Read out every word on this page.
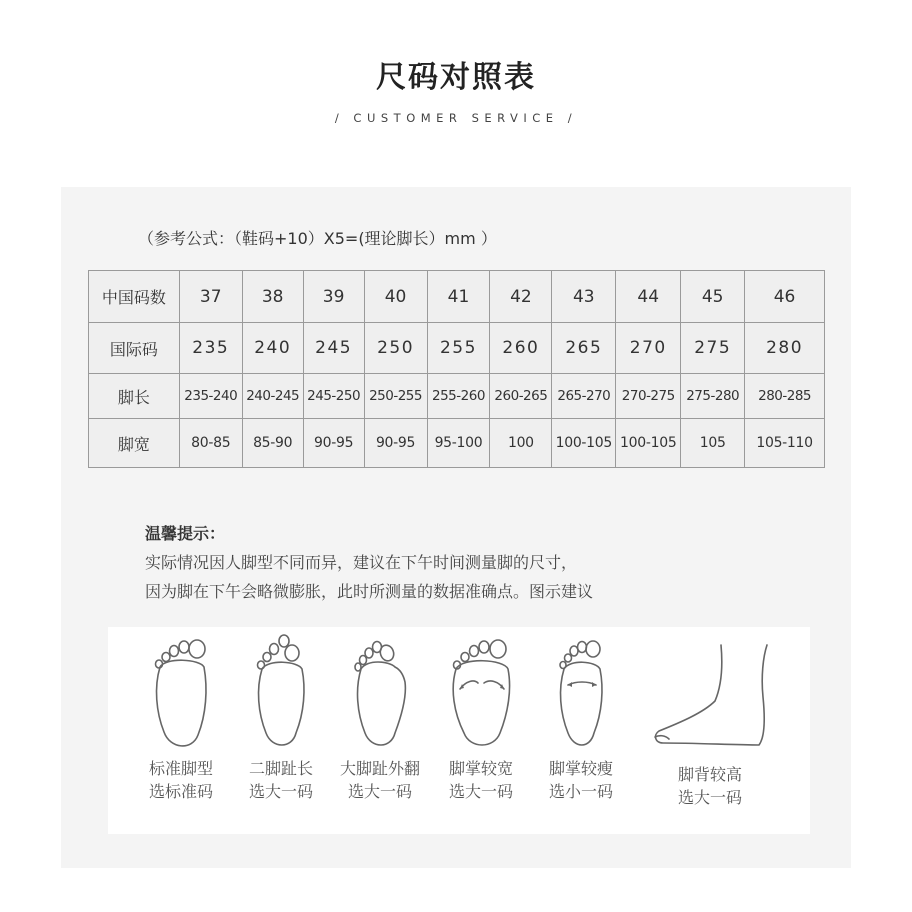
尺码对照表
/ CUSTOMER SERVICE /
（参考公式：（鞋码+10）X5=(理论脚长）mm ）
中国码数	37	38	39	40	41	42	43	44	45	46
国际码	235	240	245	250	255	260	265	270	275	280
脚长	235-240	240-245	245-250	250-255	255-260	260-265	265-270	270-275	275-280	280-285
脚宽	80-85	85-90	90-95	90-95	95-100	100	100-105	100-105	105	105-110
温馨提示：
实际情况因人脚型不同而异，建议在下午时间测量脚的尺寸，
因为脚在下午会略微膨胀，此时所测量的数据准确点。图示建议
标准脚型
选标准码
二脚趾长
选大一码
大脚趾外翻
选大一码
脚掌较宽
选大一码
脚掌较瘦
选小一码
脚背较高
选大一码
